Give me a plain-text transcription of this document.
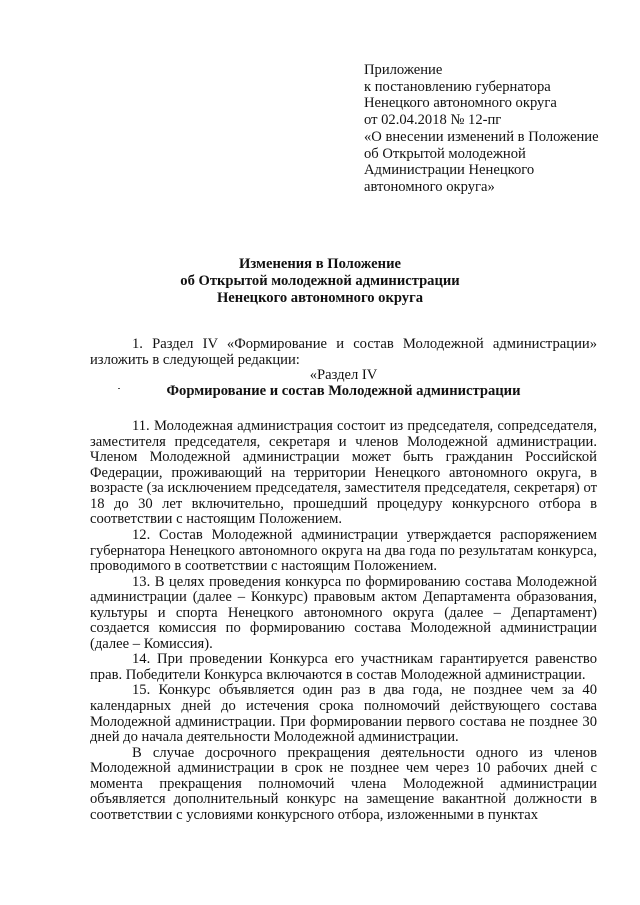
Приложение
к постановлению губернатора
Ненецкого автономного округа
от 02.04.2018 № 12-пг
«О внесении изменений в Положение
об Открытой молодежной
Администрации Ненецкого
автономного округа»
Изменения в Положение
об Открытой молодежной администрации
Ненецкого автономного округа

1. Раздел IV «Формирование и состав Молодежной администрации» изложить в следующей редакции:

«Раздел IV
Формирование и состав Молодежной администрации

11. Молодежная администрация состоит из председателя, сопредседателя, заместителя председателя, секретаря и членов Молодежной администрации. Членом Молодежной администрации может быть гражданин Российской Федерации, проживающий на территории Ненецкого автономного округа, в возрасте (за исключением председателя, заместителя председателя, секретаря) от 18 до 30 лет включительно, прошедший процедуру конкурсного отбора в соответствии с настоящим Положением.

12. Состав Молодежной администрации утверждается распоряжением губернатора Ненецкого автономного округа на два года по результатам конкурса, проводимого в соответствии с настоящим Положением.

13. В целях проведения конкурса по формированию состава Молодежной администрации (далее – Конкурс) правовым актом Департамента образования, культуры и спорта Ненецкого автономного округа (далее – Департамент) создается комиссия по формированию состава Молодежной администрации (далее – Комиссия).

14. При проведении Конкурса его участникам гарантируется равенство прав. Победители Конкурса включаются в состав Молодежной администрации.

15. Конкурс объявляется один раз в два года, не позднее чем за 40 календарных дней до истечения срока полномочий действующего состава Молодежной администрации. При формировании первого состава не позднее 30 дней до начала деятельности Молодежной администрации.

В случае досрочного прекращения деятельности одного из членов Молодежной администрации в срок не позднее чем через 10 рабочих дней с момента прекращения полномочий члена Молодежной администрации объявляется дополнительный конкурс на замещение вакантной должности в соответствии с условиями конкурсного отбора, изложенными в пунктах
